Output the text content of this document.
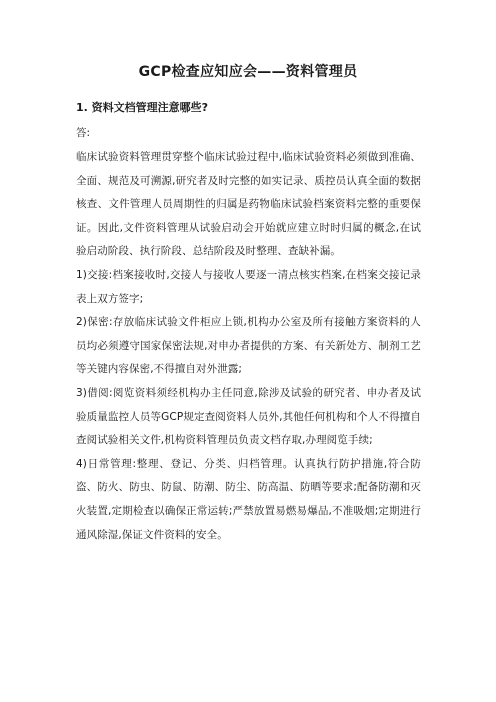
GCP检查应知应会——资料管理员
1. 资料文档管理注意哪些?
答:

临床试验资料管理贯穿整个临床试验过程中,临床试验资料必须做到准确、全面、规范及可溯源,研究者及时完整的如实记录、质控员认真全面的数据核查、文件管理人员周期性的归属是药物临床试验档案资料完整的重要保证。因此,文件资料管理从试验启动会开始就应建立时时归属的概念,在试验启动阶段、执行阶段、总结阶段及时整理、查缺补漏。

1)交接:档案接收时,交接人与接收人要逐一清点核实档案,在档案交接记录表上双方签字;

2)保密:存放临床试验文件柜应上锁,机构办公室及所有接触方案资料的人员均必须遵守国家保密法规,对申办者提供的方案、有关新处方、制剂工艺等关键内容保密,不得擅自对外泄露;

3)借阅:阅览资料须经机构办主任同意,除涉及试验的研究者、申办者及试验质量监控人员等GCP规定查阅资料人员外,其他任何机构和个人不得擅自查阅试验相关文件,机构资料管理员负责文档存取,办理阅览手续;

4)日常管理:整理、登记、分类、归档管理。认真执行防护措施,符合防盗、防火、防虫、防鼠、防潮、防尘、防高温、防晒等要求;配备防潮和灭火装置,定期检查以确保正常运转;严禁放置易燃易爆品,不准吸烟;定期进行通风除湿,保证文件资料的安全。
